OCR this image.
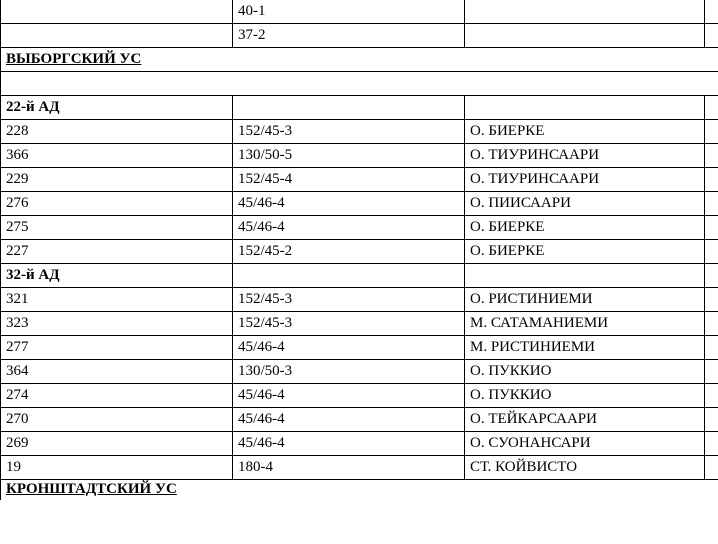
	40-1		
	37-2		
ВЫБОРГСКИЙ УС			

22-й АД			
228	152/45-3	О. БИЕРКЕ	
366	130/50-5	О. ТИУРИНСААРИ	
229	152/45-4	О. ТИУРИНСААРИ	
276	45/46-4	О. ПИИСААРИ	
275	45/46-4	О. БИЕРКЕ	
227	152/45-2	О. БИЕРКЕ	
32-й АД			
321	152/45-3	О. РИСТИНИЕМИ	
323	152/45-3	М. САТАМАНИЕМИ	
277	45/46-4	М. РИСТИНИЕМИ	
364	130/50-3	О. ПУККИО	
274	45/46-4	О. ПУККИО	
270	45/46-4	О. ТЕЙКАРСААРИ	
269	45/46-4	О. СУОНАНСАРИ	
19	180-4	СТ. КОЙВИСТО	
КРОНШТАДТСКИЙ УС			
